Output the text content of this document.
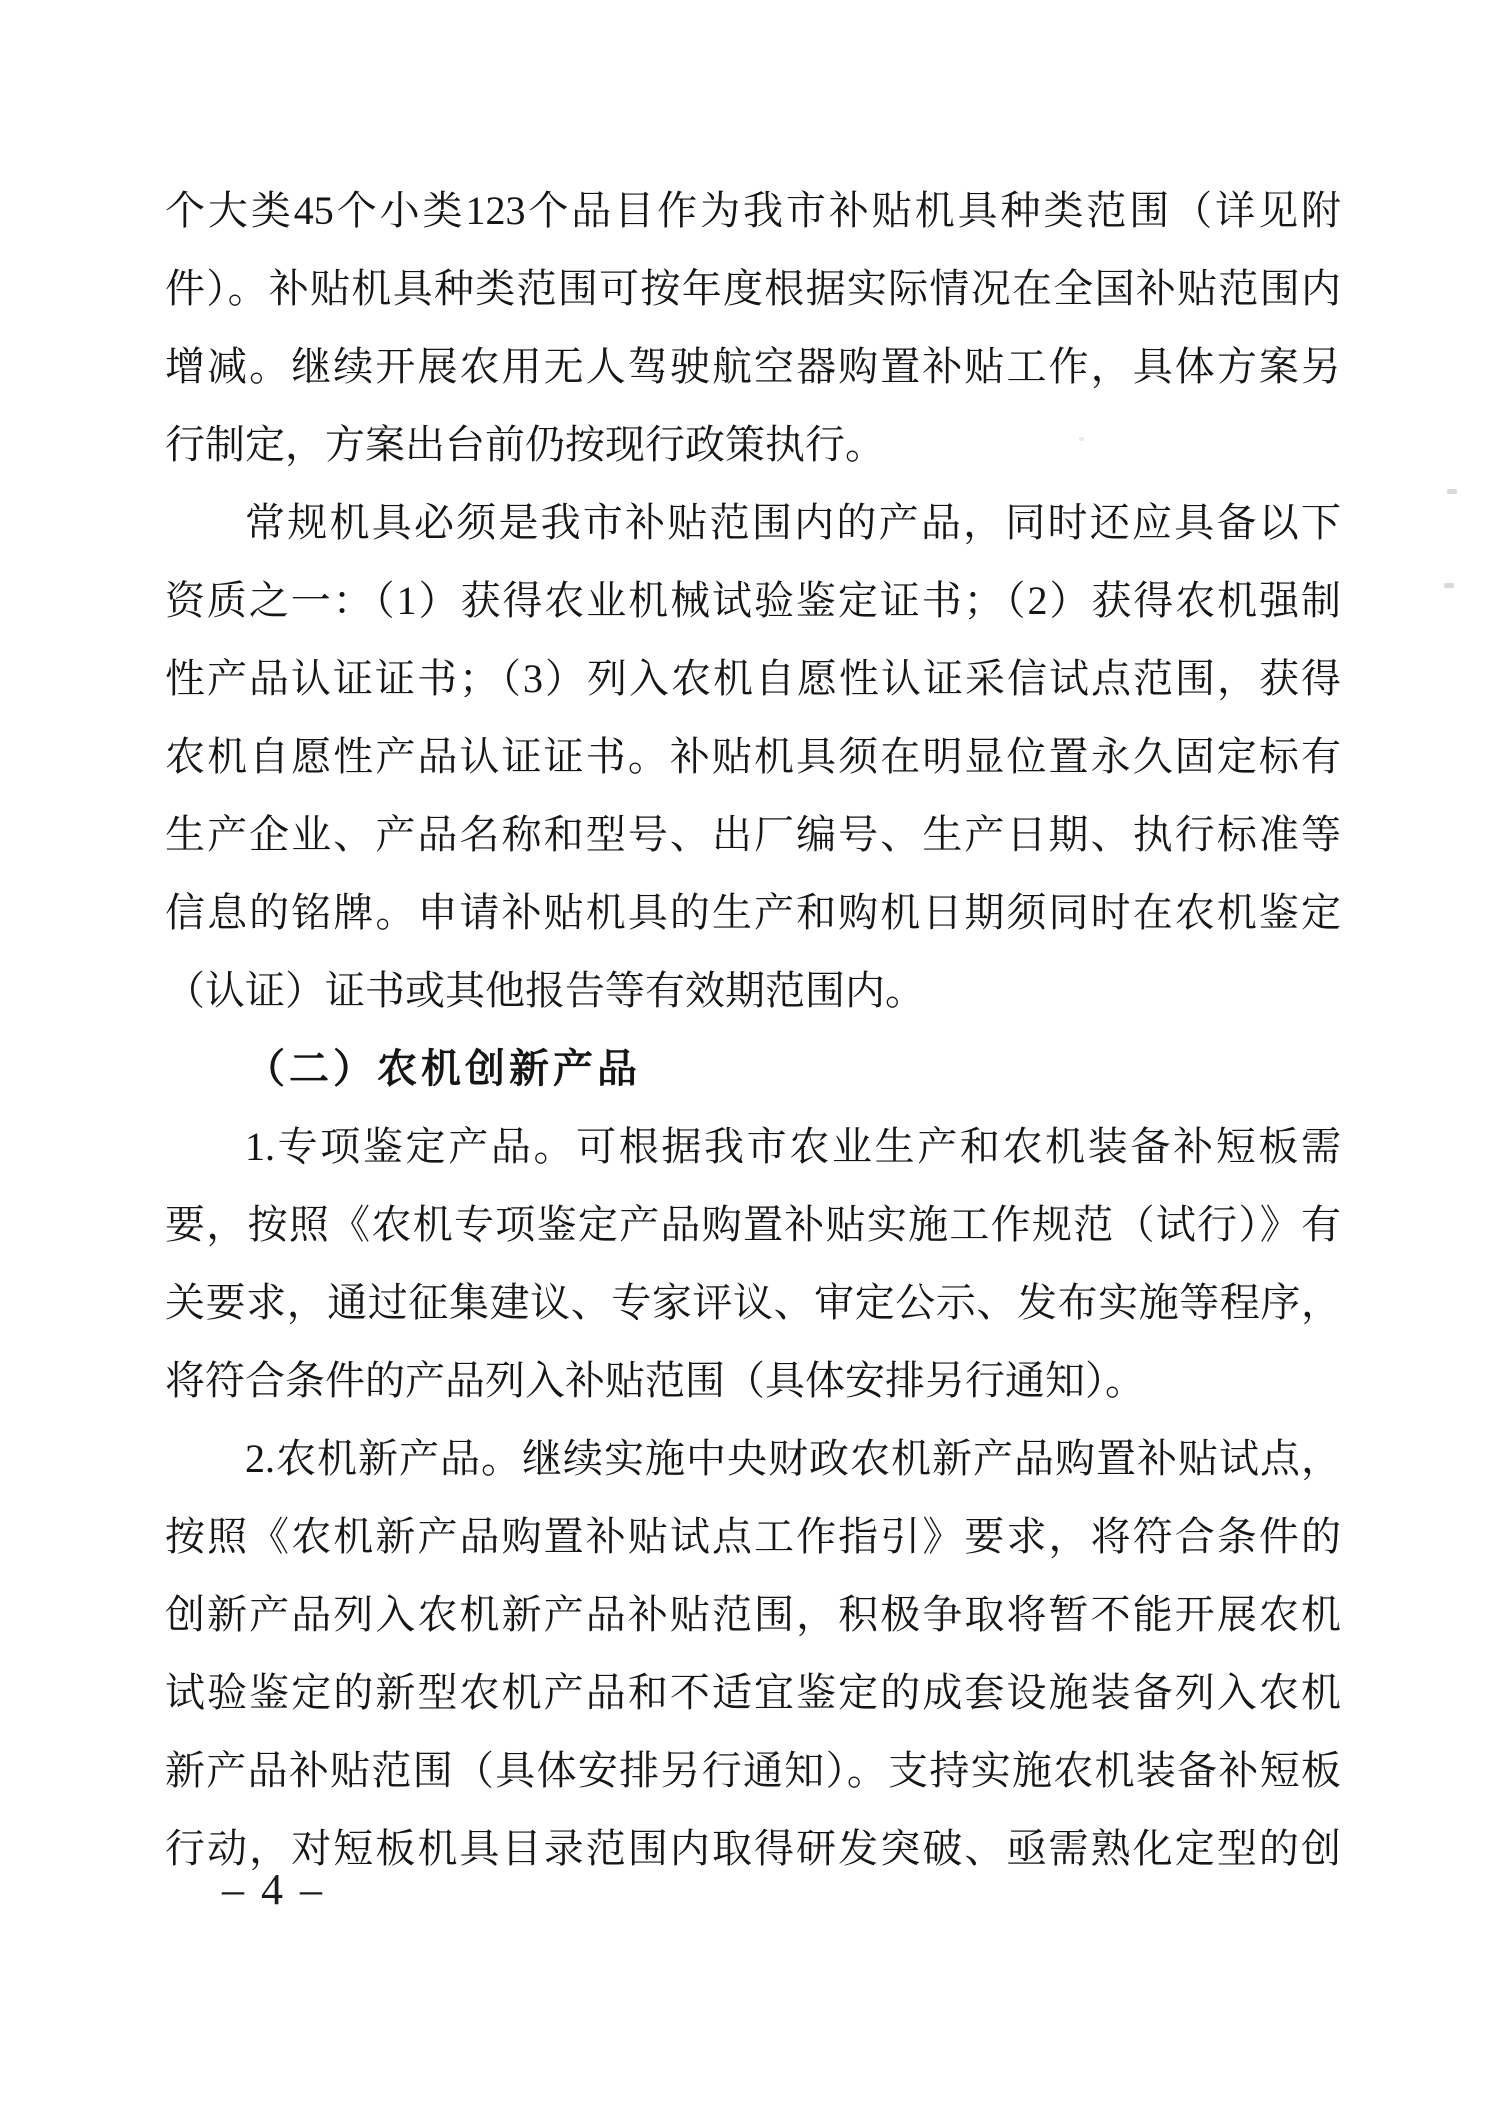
个大类45个小类123个品目作为我市补贴机具种类范围（详见附
件）。补贴机具种类范围可按年度根据实际情况在全国补贴范围内
增减。继续开展农用无人驾驶航空器购置补贴工作，具体方案另
行制定，方案出台前仍按现行政策执行。
常规机具必须是我市补贴范围内的产品，同时还应具备以下
资质之一：（1）获得农业机械试验鉴定证书；（2）获得农机强制
性产品认证证书；（3）列入农机自愿性认证采信试点范围，获得
农机自愿性产品认证证书。补贴机具须在明显位置永久固定标有
生产企业、产品名称和型号、出厂编号、生产日期、执行标准等
信息的铭牌。申请补贴机具的生产和购机日期须同时在农机鉴定
（认证）证书或其他报告等有效期范围内。
（二）农机创新产品
1.专项鉴定产品。可根据我市农业生产和农机装备补短板需
要，按照《农机专项鉴定产品购置补贴实施工作规范（试行）》有
关要求，通过征集建议、专家评议、审定公示、发布实施等程序，
将符合条件的产品列入补贴范围（具体安排另行通知）。
2.农机新产品。继续实施中央财政农机新产品购置补贴试点，
按照《农机新产品购置补贴试点工作指引》要求，将符合条件的
创新产品列入农机新产品补贴范围，积极争取将暂不能开展农机
试验鉴定的新型农机产品和不适宜鉴定的成套设施装备列入农机
新产品补贴范围（具体安排另行通知）。支持实施农机装备补短板
行动，对短板机具目录范围内取得研发突破、亟需熟化定型的创
– 4 –
